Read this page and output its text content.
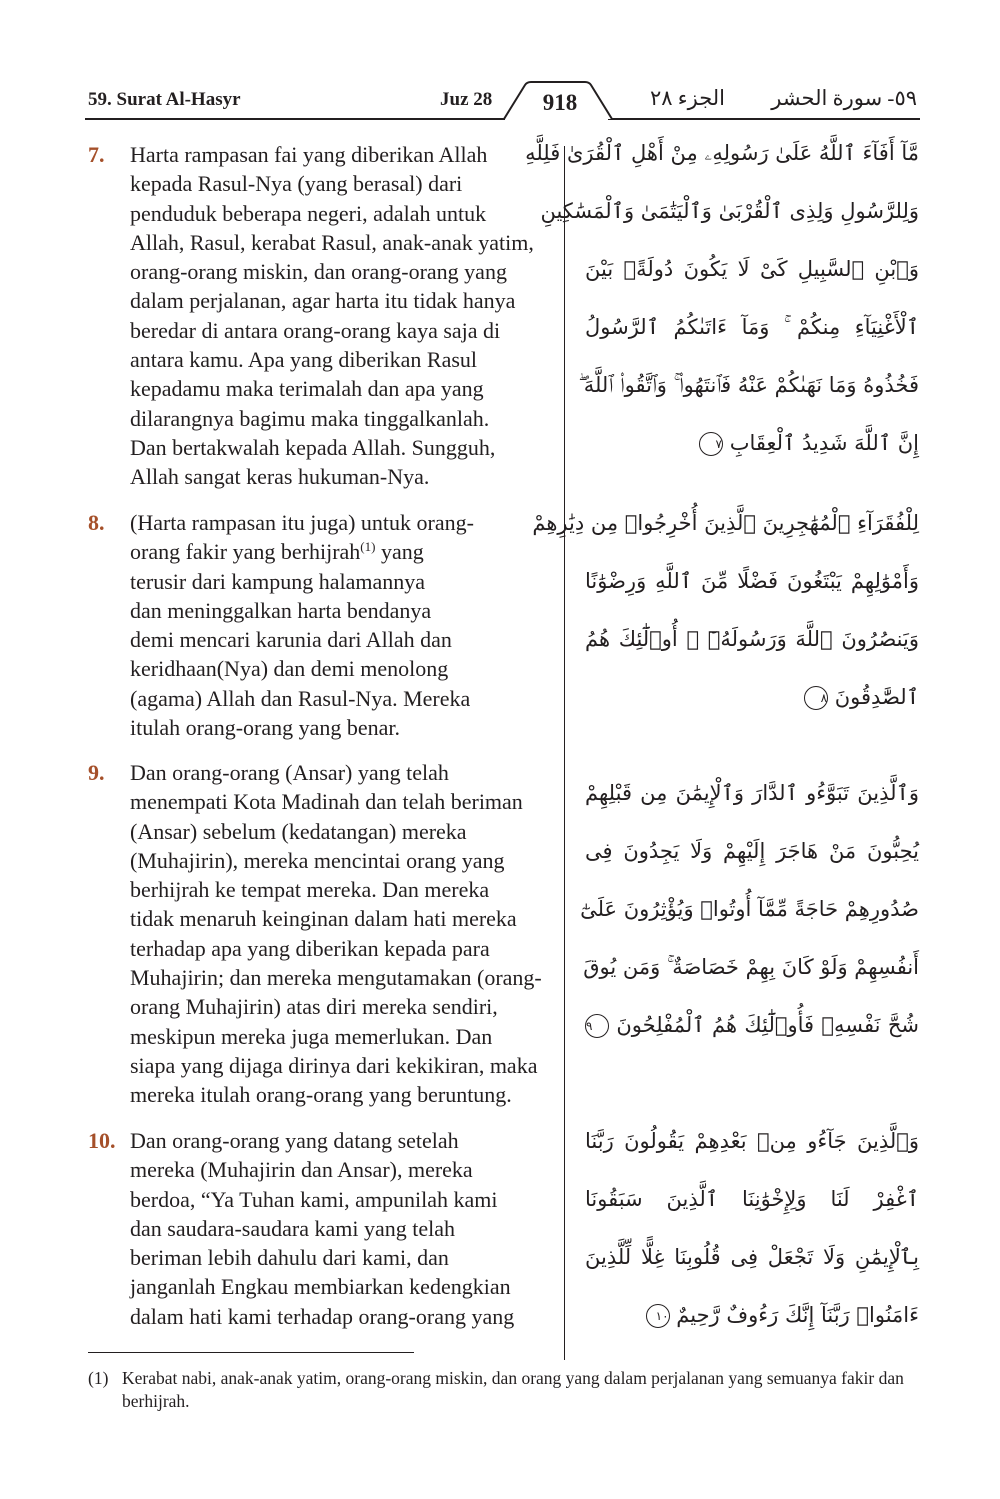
59. Surat Al-Hasyr	Juz 28	918	الجزء ٢٨	٥٩- سورة الحشر
7. Harta rampasan fai yang diberikan Allah
kepada Rasul-Nya (yang berasal) dari
penduduk beberapa negeri, adalah untuk
Allah, Rasul, kerabat Rasul, anak-anak yatim,
orang-orang miskin, dan orang-orang yang
dalam perjalanan, agar harta itu tidak hanya
beredar di antara orang-orang kaya saja di
antara kamu. Apa yang diberikan Rasul
kepadamu maka terimalah dan apa yang
dilarangnya bagimu maka tinggalkanlah.
Dan bertakwalah kepada Allah. Sungguh,
Allah sangat keras hukuman-Nya.
مَّآ أَفَآءَ ٱللَّهُ عَلَىٰ رَسُولِهِۦ مِنْ أَهْلِ ٱلْقُرَىٰ فَلِلَّهِ
وَلِلرَّسُولِ وَلِذِى ٱلْقُرْبَىٰ وَٱلْيَتَٰمَىٰ وَٱلْمَسَٰكِينِ
وَٱبْنِ ٱلسَّبِيلِ كَىْ لَا يَكُونَ دُولَةًۢ بَيْنَ
ٱلْأَغْنِيَآءِ مِنكُمْ ۚ وَمَآ ءَاتَىٰكُمُ ٱلرَّسُولُ
فَخُذُوهُ وَمَا نَهَىٰكُمْ عَنْهُ فَٱنتَهُوا۟ ۚ وَٱتَّقُوا۟ ٱللَّهَ ۖ
إِنَّ ٱللَّهَ شَدِيدُ ٱلْعِقَابِ ٧
8. (Harta rampasan itu juga) untuk orang-
orang fakir yang berhijrah$^{(1)}$ yang
terusir dari kampung halamannya
dan meninggalkan harta bendanya
demi mencari karunia dari Allah dan
keridhaan(Nya) dan demi menolong
(agama) Allah dan Rasul-Nya. Mereka
itulah orang-orang yang benar.
لِلْفُقَرَآءِ ٱلْمُهَٰجِرِينَ ٱلَّذِينَ أُخْرِجُوا۟ مِن دِيَٰرِهِمْ
وَأَمْوَٰلِهِمْ يَبْتَغُونَ فَضْلًا مِّنَ ٱللَّهِ وَرِضْوَٰنًا
وَيَنصُرُونَ ٱللَّهَ وَرَسُولَهُۥٓ ۚ أُو۟لَٰٓئِكَ هُمُ
ٱلصَّٰدِقُونَ ٨
9. Dan orang-orang (Ansar) yang telah
menempati Kota Madinah dan telah beriman
(Ansar) sebelum (kedatangan) mereka
(Muhajirin), mereka mencintai orang yang
berhijrah ke tempat mereka. Dan mereka
tidak menaruh keinginan dalam hati mereka
terhadap apa yang diberikan kepada para
Muhajirin; dan mereka mengutamakan (orang-
orang Muhajirin) atas diri mereka sendiri,
meskipun mereka juga memerlukan. Dan
siapa yang dijaga dirinya dari kekikiran, maka
mereka itulah orang-orang yang beruntung.
وَٱلَّذِينَ تَبَوَّءُو ٱلدَّارَ وَٱلْإِيمَٰنَ مِن قَبْلِهِمْ
يُحِبُّونَ مَنْ هَاجَرَ إِلَيْهِمْ وَلَا يَجِدُونَ فِى
صُدُورِهِمْ حَاجَةً مِّمَّآ أُوتُوا۟ وَيُؤْثِرُونَ عَلَىٰٓ
أَنفُسِهِمْ وَلَوْ كَانَ بِهِمْ خَصَاصَةٌ ۚ وَمَن يُوقَ
شُحَّ نَفْسِهِۦ فَأُو۟لَٰٓئِكَ هُمُ ٱلْمُفْلِحُونَ ٩
10. Dan orang-orang yang datang setelah
mereka (Muhajirin dan Ansar), mereka
berdoa, “Ya Tuhan kami, ampunilah kami
dan saudara-saudara kami yang telah
beriman lebih dahulu dari kami, dan
janganlah Engkau membiarkan kedengkian
dalam hati kami terhadap orang-orang yang
وَٱلَّذِينَ جَآءُو مِنۢ بَعْدِهِمْ يَقُولُونَ رَبَّنَا
ٱغْفِرْ لَنَا وَلِإِخْوَٰنِنَا ٱلَّذِينَ سَبَقُونَا
بِٱلْإِيمَٰنِ وَلَا تَجْعَلْ فِى قُلُوبِنَا غِلًّا لِّلَّذِينَ
ءَامَنُوا۟ رَبَّنَآ إِنَّكَ رَءُوفٌ رَّحِيمٌ ١٠
(1) Kerabat nabi, anak-anak yatim, orang-orang miskin, dan orang yang dalam perjalanan yang semuanya fakir dan berhijrah.
